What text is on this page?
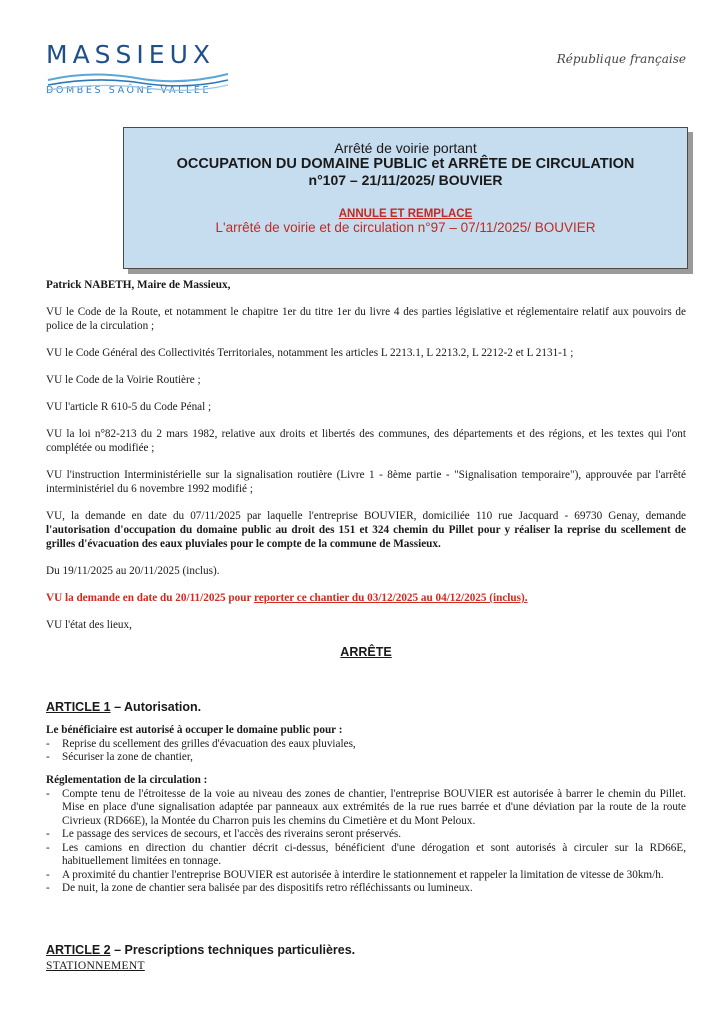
MASSIEUX
DOMBES SAÔNE VALLÉE
République française
Arrêté de voirie portant
OCCUPATION DU DOMAINE PUBLIC et ARRÊTE DE CIRCULATION
n°107 – 21/11/2025/ BOUVIER
ANNULE ET REMPLACE
L'arrêté de voirie et de circulation n°97 – 07/11/2025/ BOUVIER

Patrick NABETH, Maire de Massieux,

VU le Code de la Route, et notamment le chapitre 1er du titre 1er du livre 4 des parties législative et réglementaire relatif aux pouvoirs de police de la circulation ;

VU le Code Général des Collectivités Territoriales, notamment les articles L 2213.1, L 2213.2, L 2212-2 et L 2131-1 ;

VU le Code de la Voirie Routière ;

VU l'article R 610-5 du Code Pénal ;

VU la loi n°82-213 du 2 mars 1982, relative aux droits et libertés des communes, des départements et des régions, et les textes qui l'ont complétée ou modifiée ;

VU l'instruction Interministérielle sur la signalisation routière (Livre 1 - 8ème partie - "Signalisation temporaire"), approuvée par l'arrêté interministériel du 6 novembre 1992 modifié ;

VU, la demande en date du 07/11/2025 par laquelle l'entreprise BOUVIER, domiciliée 110 rue Jacquard - 69730 Genay, demande l'autorisation d'occupation du domaine public au droit des 151 et 324 chemin du Pillet pour y réaliser la reprise du scellement de grilles d'évacuation des eaux pluviales pour le compte de la commune de Massieux.

Du 19/11/2025 au 20/11/2025 (inclus).

VU la demande en date du 20/11/2025 pour reporter ce chantier du 03/12/2025 au 04/12/2025 (inclus).

VU l'état des lieux,

ARRÊTE
ARTICLE 1 – Autorisation.
Le bénéficiaire est autorisé à occuper le domaine public pour :
- Reprise du scellement des grilles d'évacuation des eaux pluviales,
- Sécuriser la zone de chantier,
Réglementation de la circulation :
- Compte tenu de l'étroitesse de la voie au niveau des zones de chantier, l'entreprise BOUVIER est autorisée à barrer le chemin du Pillet. Mise en place d'une signalisation adaptée par panneaux aux extrémités de la rue rues barrée et d'une déviation par la route de la route Civrieux (RD66E), la Montée du Charron puis les chemins du Cimetière et du Mont Peloux.
- Le passage des services de secours, et l'accès des riverains seront préservés.
- Les camions en direction du chantier décrit ci-dessus, bénéficient d'une dérogation et sont autorisés à circuler sur la RD66E, habituellement limitées en tonnage.
- A proximité du chantier l'entreprise BOUVIER est autorisée à interdire le stationnement et rappeler la limitation de vitesse de 30km/h.
- De nuit, la zone de chantier sera balisée par des dispositifs retro réfléchissants ou lumineux.
ARTICLE 2 – Prescriptions techniques particulières.
STATIONNEMENT
